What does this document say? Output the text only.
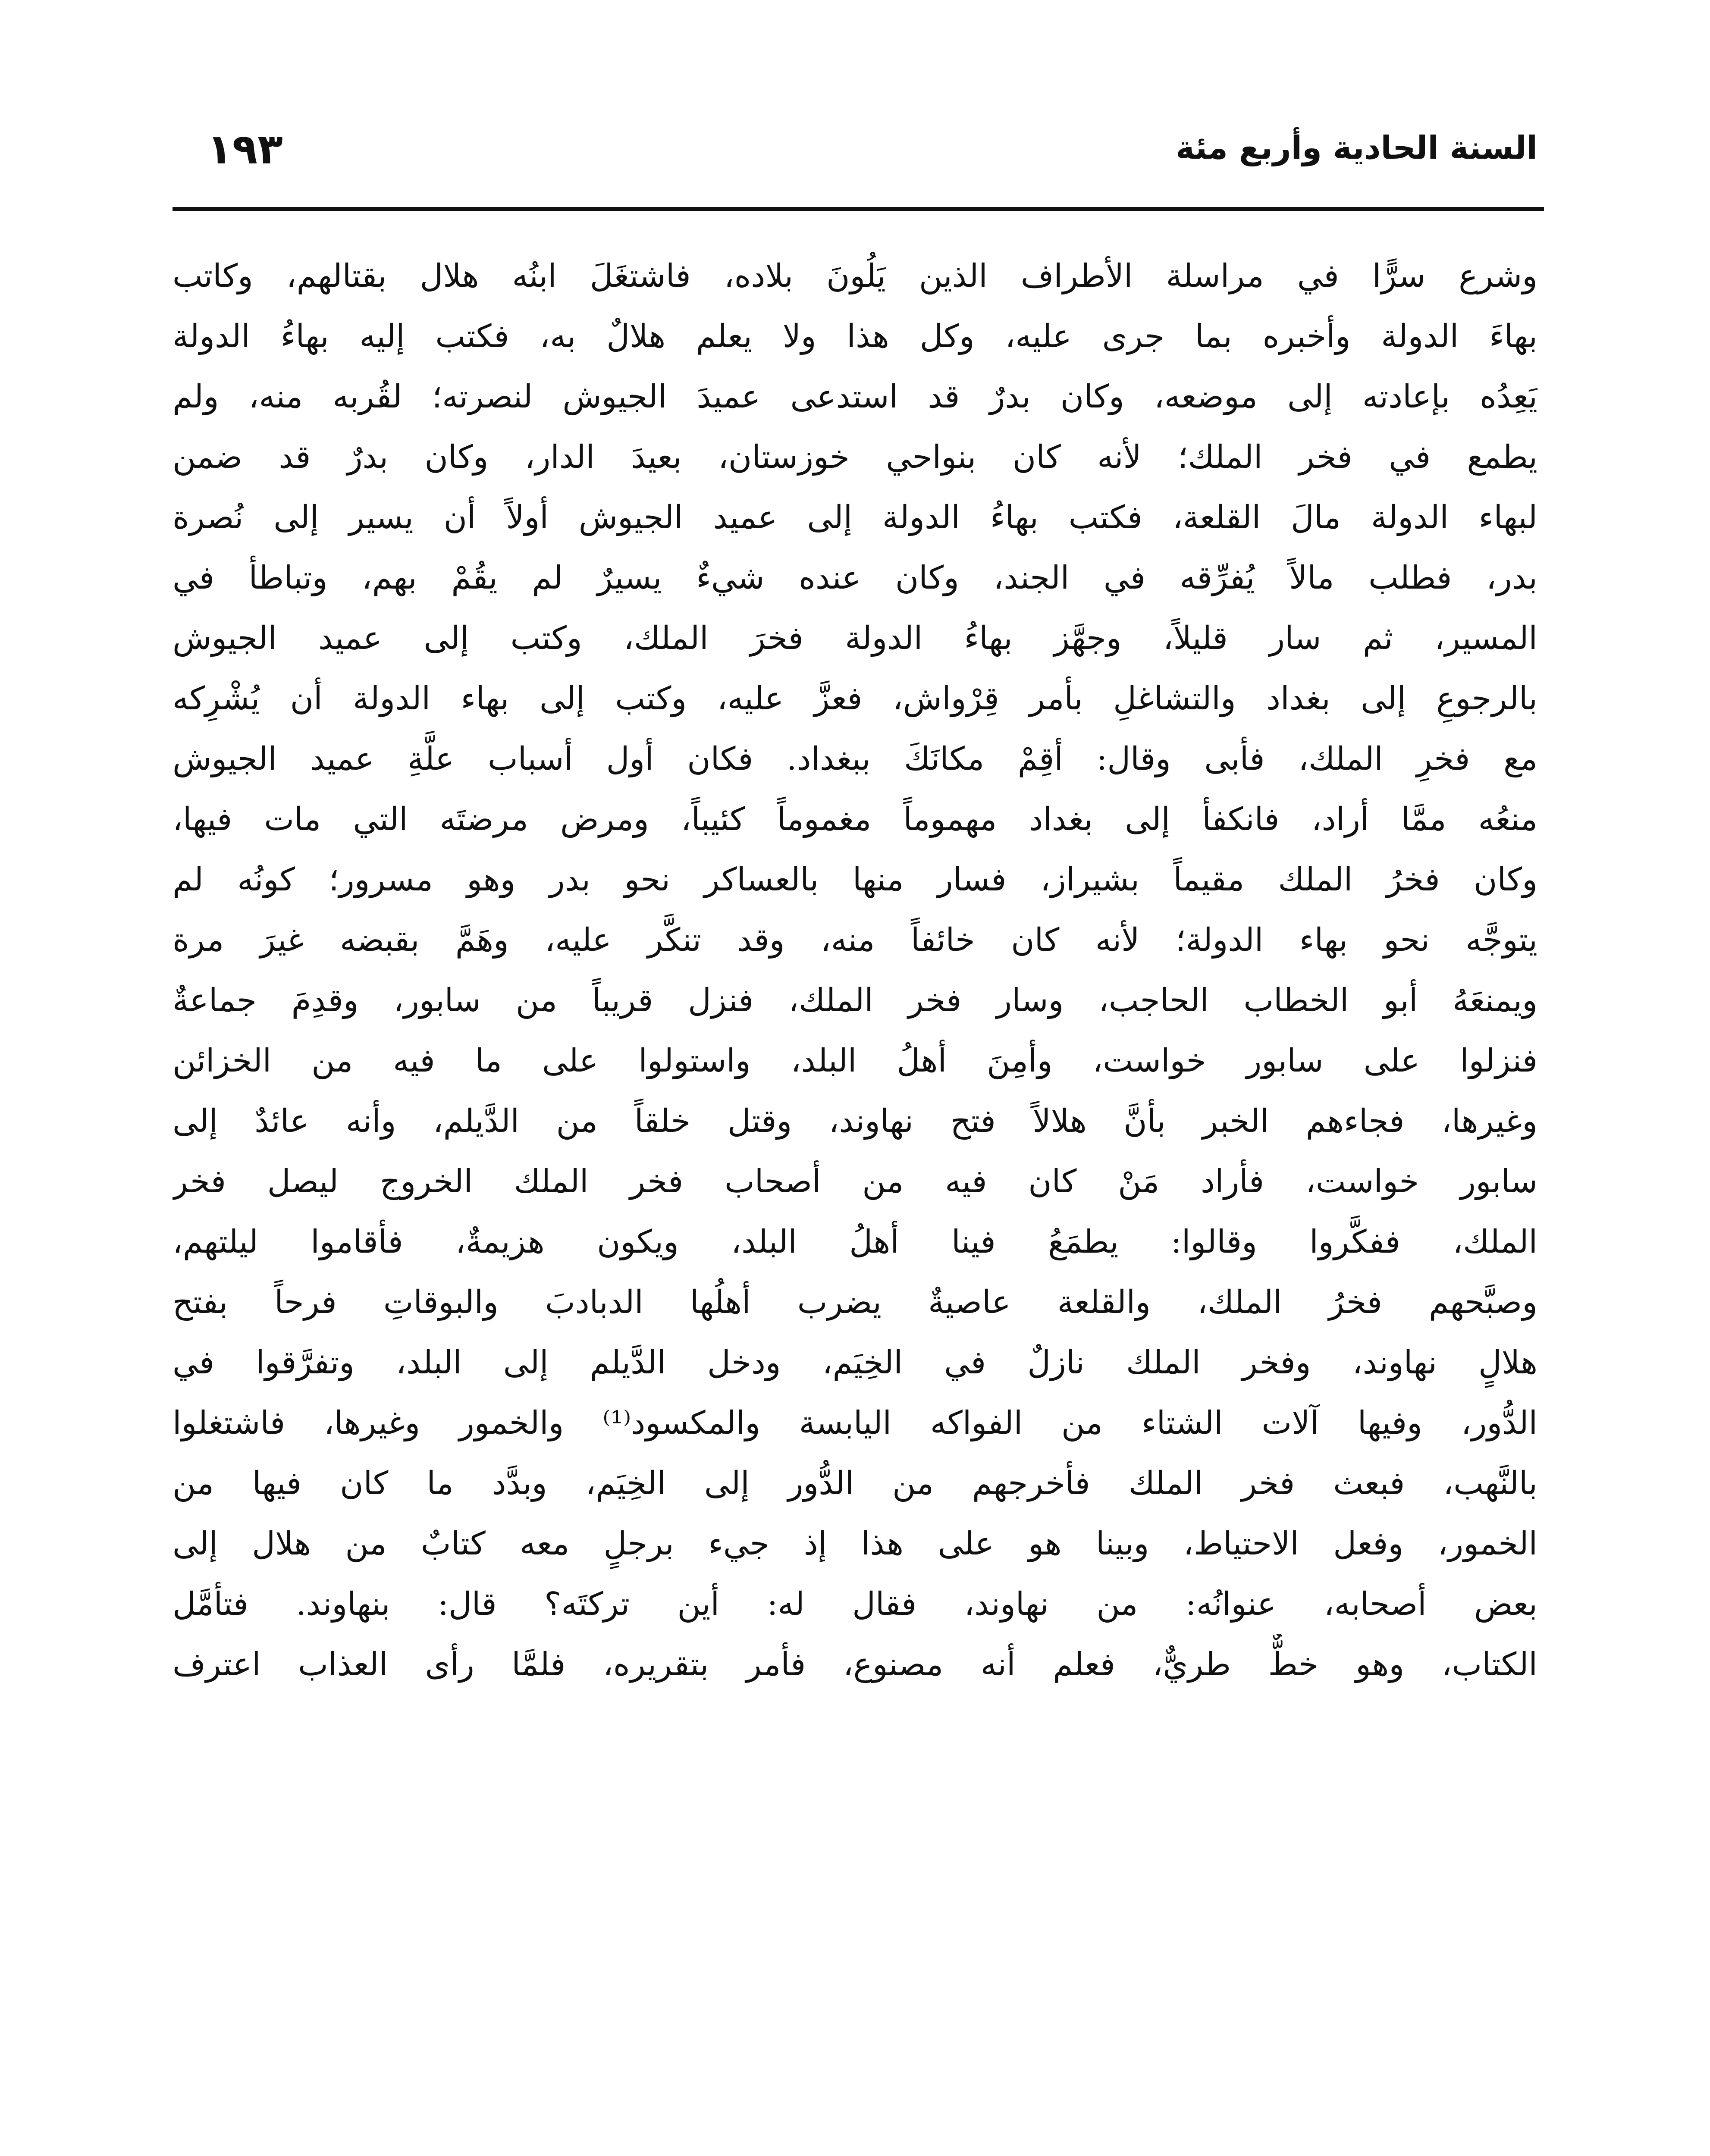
السنة الحادية وأربع مئة
١٩٣
وشرع سرًّا في مراسلة الأطراف الذين يَلُونَ بلاده، فاشتغَلَ ابنُه هلال بقتالهم، وكاتب
بهاءَ الدولة وأخبره بما جرى عليه، وكل هذا ولا يعلم هلالٌ به، فكتب إليه بهاءُ الدولة
يَعِدُه بإعادته إلى موضعه، وكان بدرٌ قد استدعى عميدَ الجيوش لنصرته؛ لقُربه منه، ولم
يطمع في فخر الملك؛ لأنه كان بنواحي خوزستان، بعيدَ الدار، وكان بدرٌ قد ضمن
لبهاء الدولة مالَ القلعة، فكتب بهاءُ الدولة إلى عميد الجيوش أولاً أن يسير إلى نُصرة
بدر، فطلب مالاً يُفرِّقه في الجند، وكان عنده شيءٌ يسيرٌ لم يقُمْ بهم، وتباطأ في
المسير، ثم سار قليلاً، وجهَّز بهاءُ الدولة فخرَ الملك، وكتب إلى عميد الجيوش
بالرجوعِ إلى بغداد والتشاغلِ بأمر قِرْواش، فعزَّ عليه، وكتب إلى بهاء الدولة أن يُشْرِكه
مع فخرِ الملك، فأبى وقال: أقِمْ مكانَكَ ببغداد. فكان أول أسباب علَّةِ عميد الجيوش
منعُه ممَّا أراد، فانكفأ إلى بغداد مهموماً مغموماً كئيباً، ومرض مرضتَه التي مات فيها،
وكان فخرُ الملك مقيماً بشيراز، فسار منها بالعساكر نحو بدر وهو مسرور؛ كونُه لم
يتوجَّه نحو بهاء الدولة؛ لأنه كان خائفاً منه، وقد تنكَّر عليه، وهَمَّ بقبضه غيرَ مرة
ويمنعَهُ أبو الخطاب الحاجب، وسار فخر الملك، فنزل قريباً من سابور، وقدِمَ جماعةٌ
فنزلوا على سابور خواست، وأمِنَ أهلُ البلد، واستولوا على ما فيه من الخزائن
وغيرها، فجاءهم الخبر بأنَّ هلالاً فتح نهاوند، وقتل خلقاً من الدَّيلم، وأنه عائدٌ إلى
سابور خواست، فأراد مَنْ كان فيه من أصحاب فخر الملك الخروج ليصل فخر
الملك، ففكَّروا وقالوا: يطمَعُ فينا أهلُ البلد، ويكون هزيمةٌ، فأقاموا ليلتهم،
وصبَّحهم فخرُ الملك، والقلعة عاصيةٌ يضرب أهلُها الدبادبَ والبوقاتِ فرحاً بفتح
هلالٍ نهاوند، وفخر الملك نازلٌ في الخِيَم، ودخل الدَّيلم إلى البلد، وتفرَّقوا في
الدُّور، وفيها آلات الشتاء من الفواكه اليابسة والمكسود⁽¹⁾ والخمور وغيرها، فاشتغلوا
بالنَّهب، فبعث فخر الملك فأخرجهم من الدُّور إلى الخِيَم، وبدَّد ما كان فيها من
الخمور، وفعل الاحتياط، وبينا هو على هذا إذ جيء برجلٍ معه كتابٌ من هلال إلى
بعض أصحابه، عنوانُه: من نهاوند، فقال له: أين تركتَه؟ قال: بنهاوند. فتأمَّل
الكتاب، وهو خطٌّ طريٌّ، فعلم أنه مصنوع، فأمر بتقريره، فلمَّا رأى العذاب اعترف
